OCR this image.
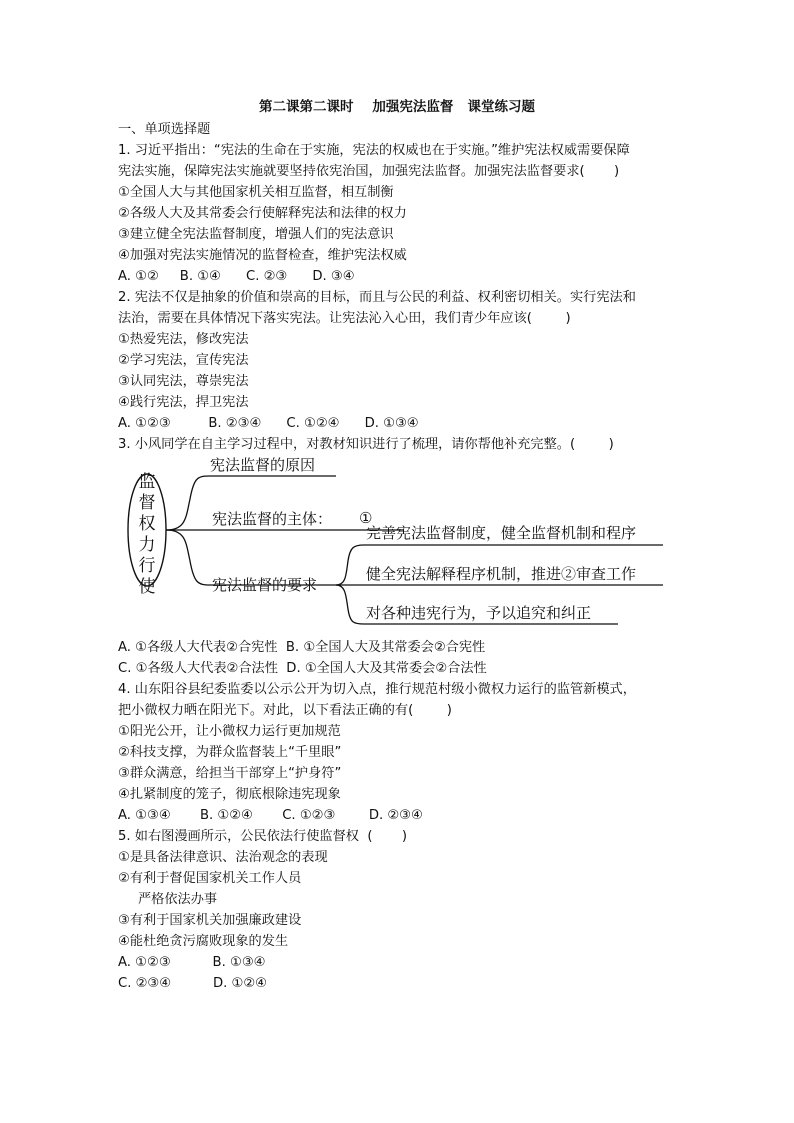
第二课第二课时    加强宪法监督   课堂练习题
一、单项选择题
1. 习近平指出：“宪法的生命在于实施，宪法的权威也在于实施。”维护宪法权威需要保障
宪法实施，保障宪法实施就要坚持依宪治国，加强宪法监督。加强宪法监督要求(       )
①全国人大与其他国家机关相互监督，相互制衡
②各级人大及其常委会行使解释宪法和法律的权力
③建立健全宪法监督制度，增强人们的宪法意识
④加强对宪法实施情况的监督检查，维护宪法权威
A. ①②     B. ①④      C. ②③      D. ③④
2. 宪法不仅是抽象的价值和崇高的目标，而且与公民的利益、权利密切相关。实行宪法和
法治，需要在具体情况下落实宪法。让宪法沁入心田，我们青少年应该(        )
①热爱宪法，修改宪法
②学习宪法，宣传宪法
③认同宪法，尊崇宪法
④践行宪法，捍卫宪法
A. ①②③         B. ②③④      C. ①②④      D. ①③④
3. 小风同学在自主学习过程中，对教材知识进行了梳理，请你帮他补充完整。(        )
监
督
权
力
行
使
宪法监督的原因
宪法监督的主体： ①
宪法监督的要求
完善宪法监督制度，健全监督机制和程序
健全宪法解释程序机制，推进②审查工作
对各种违宪行为，予以追究和纠正
A. ①各级人大代表②合宪性  B. ①全国人大及其常委会②合宪性
C. ①各级人大代表②合法性  D. ①全国人大及其常委会②合法性
4. 山东阳谷县纪委监委以公示公开为切入点，推行规范村级小微权力运行的监管新模式，
把小微权力晒在阳光下。对此，以下看法正确的有(        )
①阳光公开，让小微权力运行更加规范
②科技支撑，为群众监督装上“千里眼”
③群众满意，给担当干部穿上“护身符”
④扎紧制度的笼子，彻底根除违宪现象
A. ①③④       B. ①②④       C. ①②③        D. ②③④
5. 如右图漫画所示，公民依法行使监督权  (       )
①是具备法律意识、法治观念的表现
②有利于督促国家机关工作人员
严格依法办事
③有利于国家机关加强廉政建设
④能杜绝贪污腐败现象的发生
A. ①②③          B. ①③④
C. ②③④          D. ①②④
